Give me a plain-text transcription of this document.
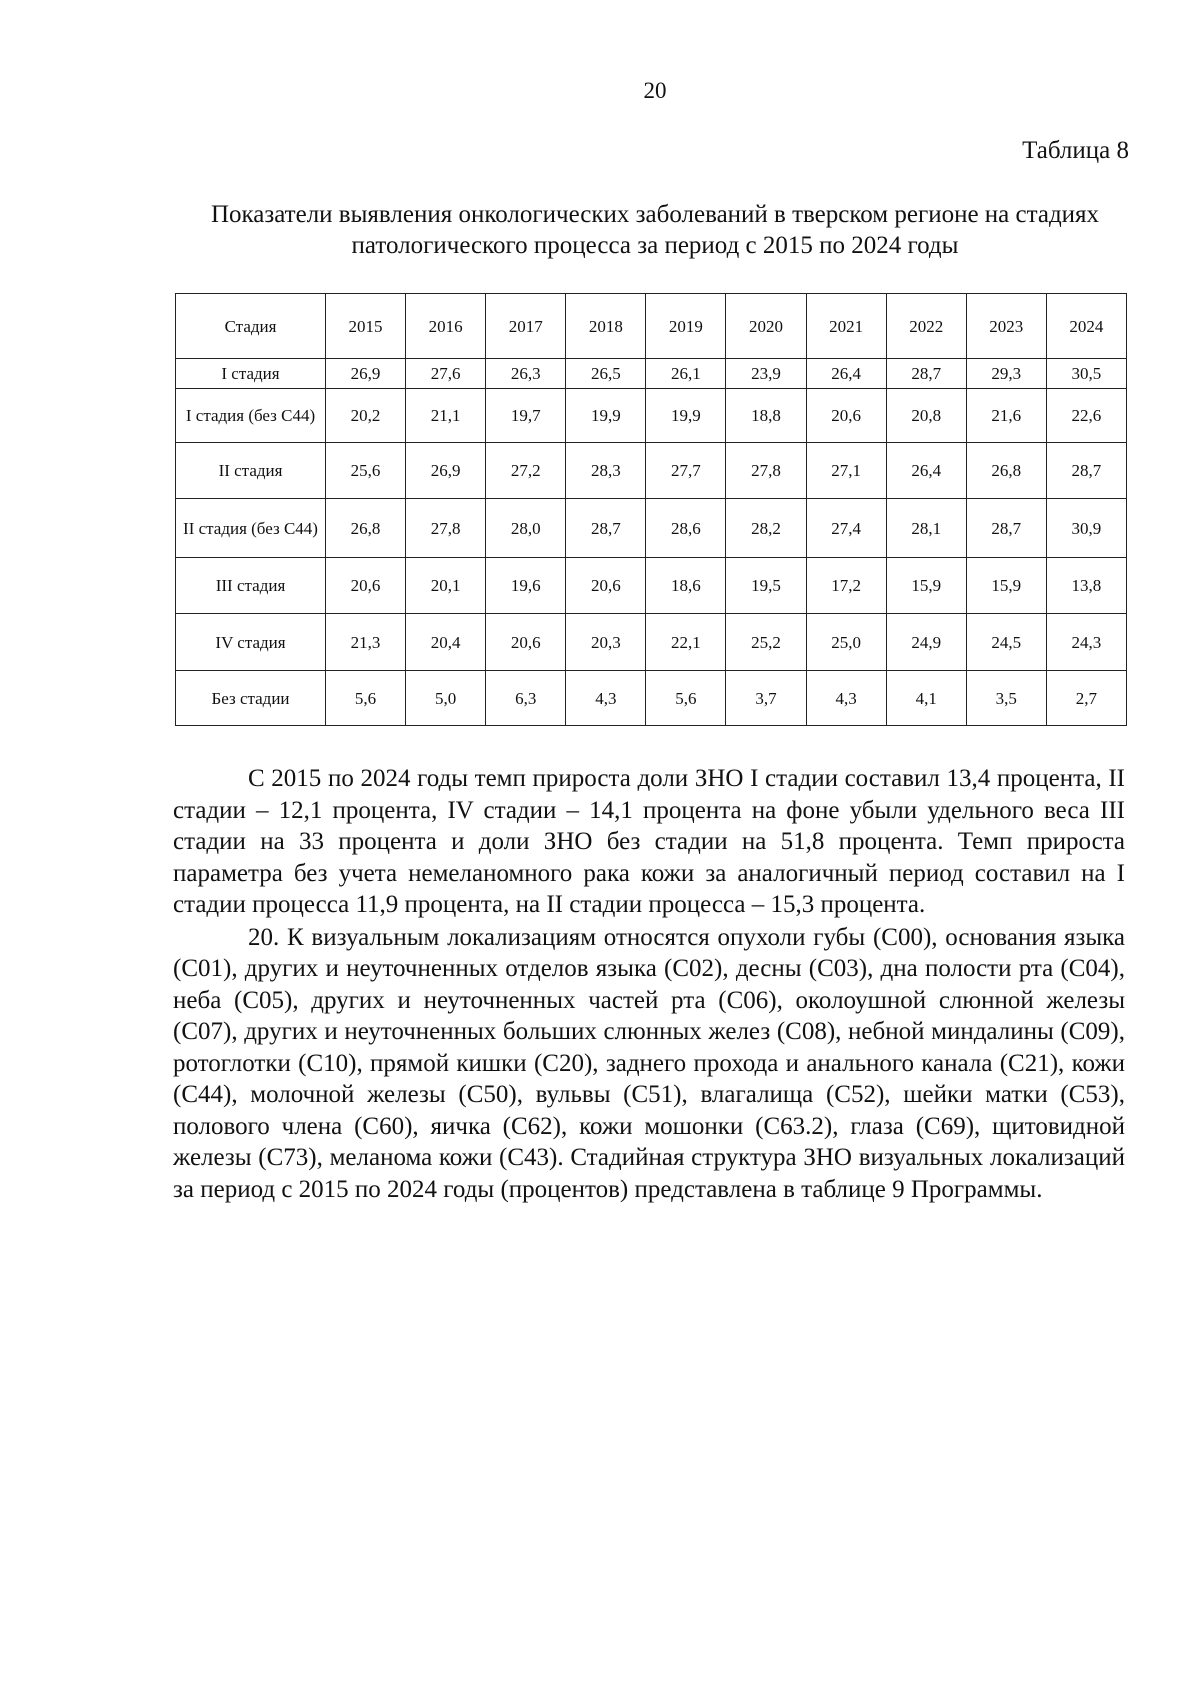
20
Таблица 8
Показатели выявления онкологических заболеваний в тверском регионе на стадиях патологического процесса за период с 2015 по 2024 годы
Стадия	2015	2016	2017	2018	2019	2020	2021	2022	2023	2024
I стадия	26,9	27,6	26,3	26,5	26,1	23,9	26,4	28,7	29,3	30,5
I стадия (без С44)	20,2	21,1	19,7	19,9	19,9	18,8	20,6	20,8	21,6	22,6
II стадия	25,6	26,9	27,2	28,3	27,7	27,8	27,1	26,4	26,8	28,7
II стадия (без С44)	26,8	27,8	28,0	28,7	28,6	28,2	27,4	28,1	28,7	30,9
III стадия	20,6	20,1	19,6	20,6	18,6	19,5	17,2	15,9	15,9	13,8
IV стадия	21,3	20,4	20,6	20,3	22,1	25,2	25,0	24,9	24,5	24,3
Без стадии	5,6	5,0	6,3	4,3	5,6	3,7	4,3	4,1	3,5	2,7

С 2015 по 2024 годы темп прироста доли ЗНО I стадии составил 13,4 процента, II стадии – 12,1 процента, IV стадии – 14,1 процента на фоне убыли удельного веса III стадии на 33 процента и доли ЗНО без стадии на 51,8 процента. Темп прироста параметра без учета немеланомного рака кожи за аналогичный период составил на I стадии процесса 11,9 процента, на II стадии процесса – 15,3 процента.

20. К визуальным локализациям относятся опухоли губы (С00), основания языка (С01), других и неуточненных отделов языка (С02), десны (С03), дна полости рта (С04), неба (С05), других и неуточненных частей рта (С06), околоушной слюнной железы (С07), других и неуточненных больших слюнных желез (С08), небной миндалины (С09), ротоглотки (С10), прямой кишки (С20), заднего прохода и анального канала (С21), кожи (С44), молочной железы (С50), вульвы (С51), влагалища (С52), шейки матки (С53), полового члена (С60), яичка (С62), кожи мошонки (С63.2), глаза (С69), щитовидной железы (С73), меланома кожи (С43). Стадийная структура ЗНО визуальных локализаций за период с 2015 по 2024 годы (процентов) представлена в таблице 9 Программы.
